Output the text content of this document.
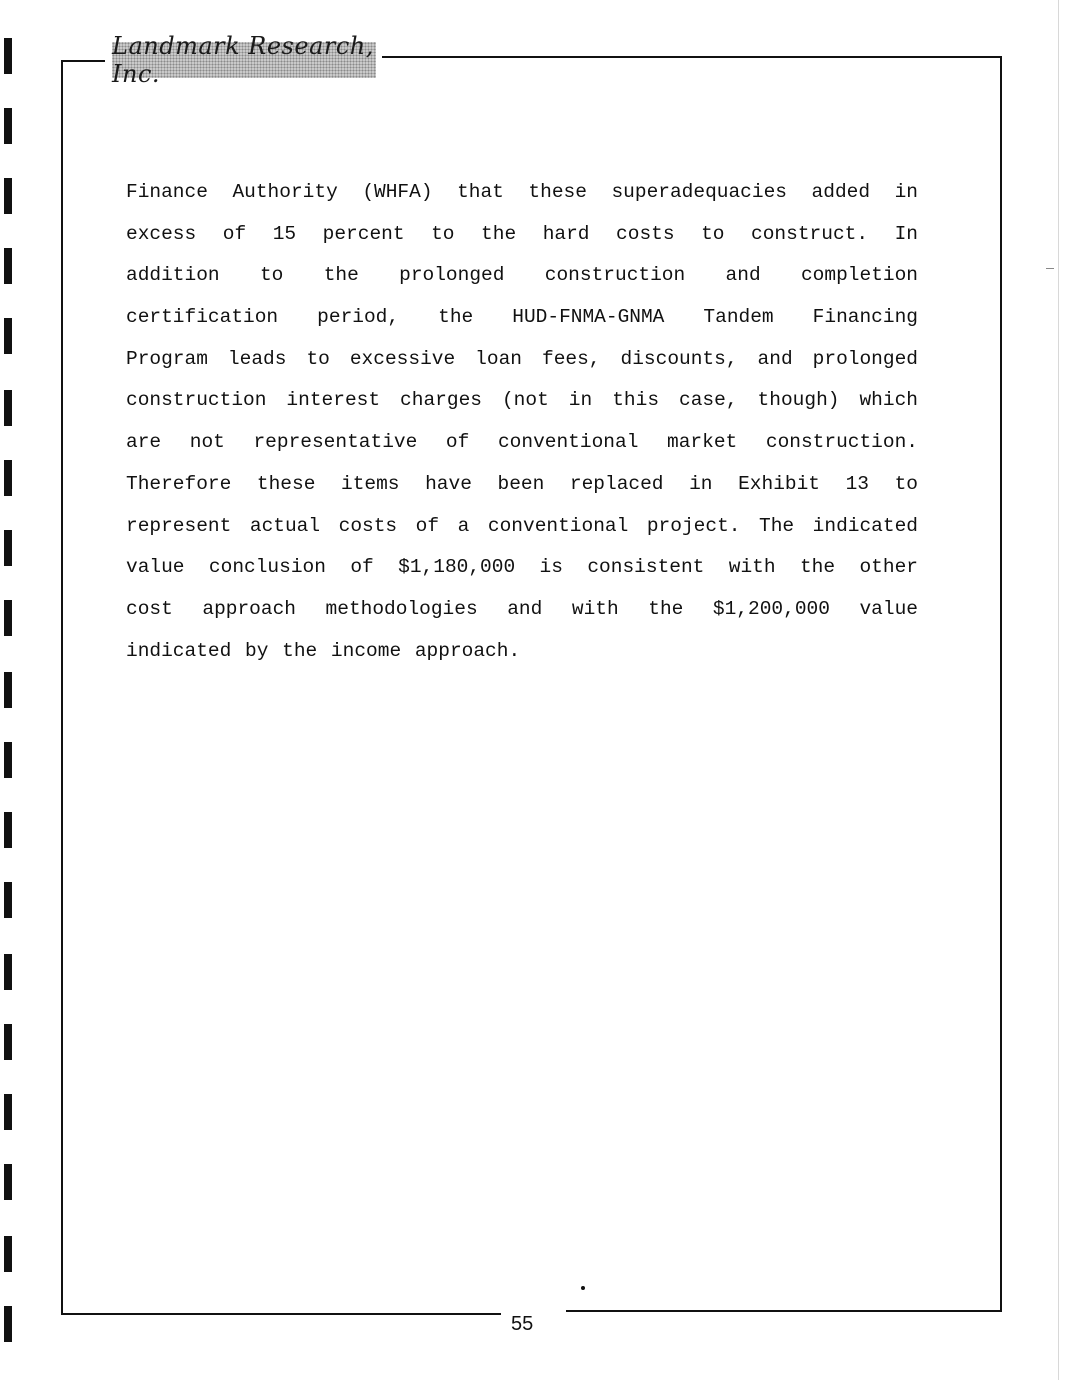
Landmark Research, Inc.
Finance Authority (WHFA) that these superadequacies added in
excess of 15 percent to the hard costs to construct. In
addition to the prolonged construction and completion
certification period, the HUD-FNMA-GNMA Tandem Financing
Program leads to excessive loan fees, discounts, and prolonged
construction interest charges (not in this case, though) which
are not representative of conventional market construction.
Therefore these items have been replaced in Exhibit 13 to
represent actual costs of a conventional project. The indicated
value conclusion of $1,180,000 is consistent with the other
cost approach methodologies and with the $1,200,000 value
indicated by the income approach.
55
